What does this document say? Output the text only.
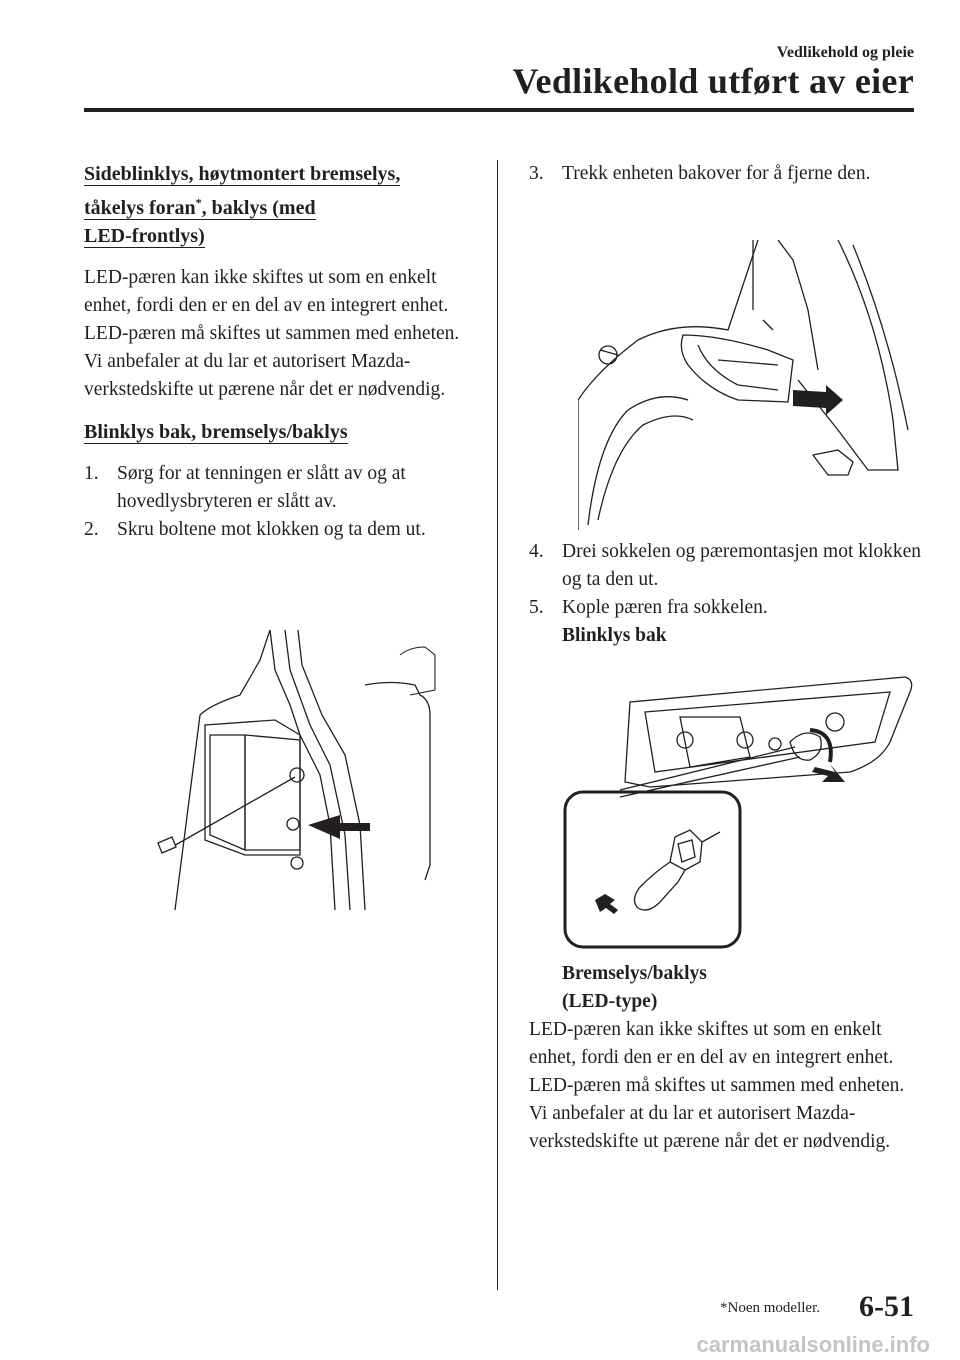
Vedlikehold og pleie
Vedlikehold utført av eier
Sideblinklys, høytmontert bremselys,
tåkelys foran*, baklys (med
LED-frontlys)

LED-pæren kan ikke skiftes ut som en enkelt enhet, fordi den er en del av en integrert enhet.

LED-pæren må skiftes ut sammen med enheten. Vi anbefaler at du lar et autorisert Mazda-verkstedskifte ut pærene når det er nødvendig.

Blinklys bak, bremselys/baklys
1. Sørg for at tenningen er slått av og at hovedlysbryteren er slått av.
2. Skru boltene mot klokken og ta dem ut.
3. Trekk enheten bakover for å fjerne den.
4. Drei sokkelen og pæremontasjen mot klokken og ta den ut.
5. Kople pæren fra sokkelen.
Blinklys bak
Bremselys/baklys
(LED-type)

LED-pæren kan ikke skiftes ut som en enkelt enhet, fordi den er en del av en integrert enhet.

LED-pæren må skiftes ut sammen med enheten. Vi anbefaler at du lar et autorisert Mazda-verkstedskifte ut pærene når det er nødvendig.

*Noen modeller. 6-51
carmanualsonline.info
